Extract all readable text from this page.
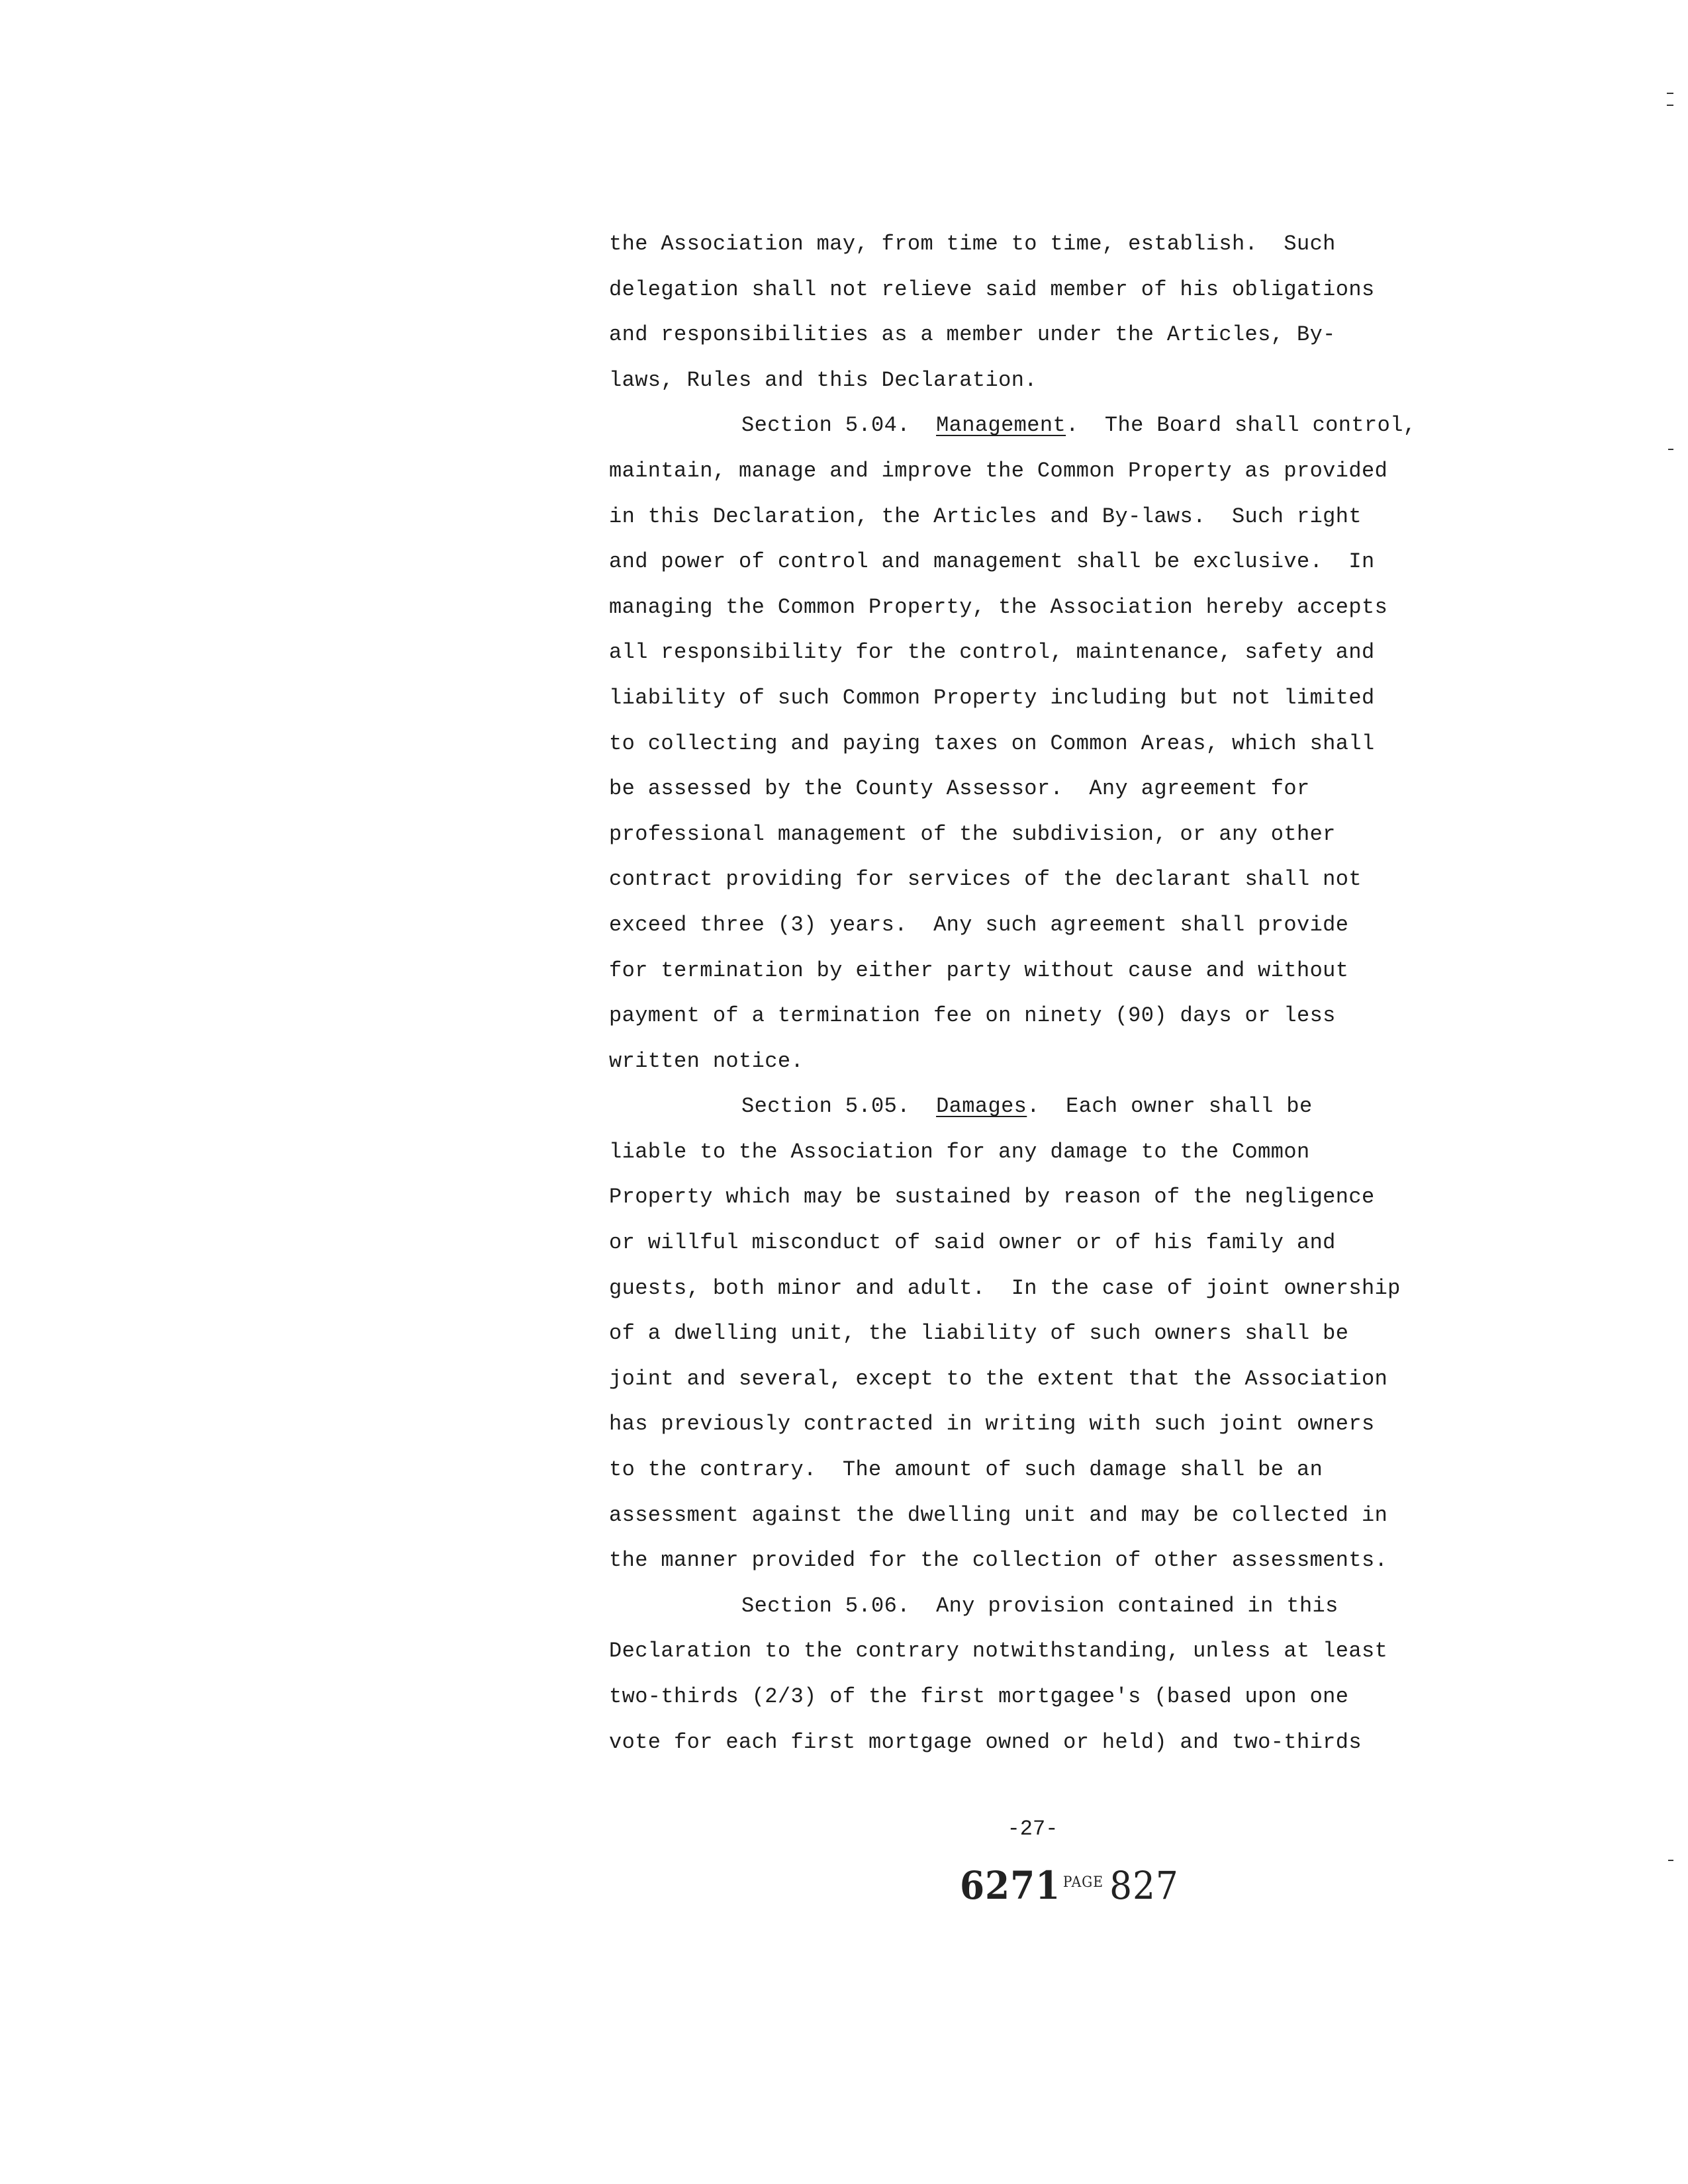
the Association may, from time to time, establish.  Such
delegation shall not relieve said member of his obligations
and responsibilities as a member under the Articles, By-
laws, Rules and this Declaration.
Section 5.04. Management. The Board shall control,
maintain, manage and improve the Common Property as provided
in this Declaration, the Articles and By-laws.  Such right
and power of control and management shall be exclusive.  In
managing the Common Property, the Association hereby accepts
all responsibility for the control, maintenance, safety and
liability of such Common Property including but not limited
to collecting and paying taxes on Common Areas, which shall
be assessed by the County Assessor.  Any agreement for
professional management of the subdivision, or any other
contract providing for services of the declarant shall not
exceed three (3) years.  Any such agreement shall provide
for termination by either party without cause and without
payment of a termination fee on ninety (90) days or less
written notice.
Section 5.05. Damages. Each owner shall be
liable to the Association for any damage to the Common
Property which may be sustained by reason of the negligence
or willful misconduct of said owner or of his family and
guests, both minor and adult.  In the case of joint ownership
of a dwelling unit, the liability of such owners shall be
joint and several, except to the extent that the Association
has previously contracted in writing with such joint owners
to the contrary.  The amount of such damage shall be an
assessment against the dwelling unit and may be collected in
the manner provided for the collection of other assessments.
Section 5.06. Any provision contained in this
Declaration to the contrary notwithstanding, unless at least
two-thirds (2/3) of the first mortgagee's (based upon one
vote for each first mortgage owned or held) and two-thirds
-27-
6271 $^{PAGE}$ 827
